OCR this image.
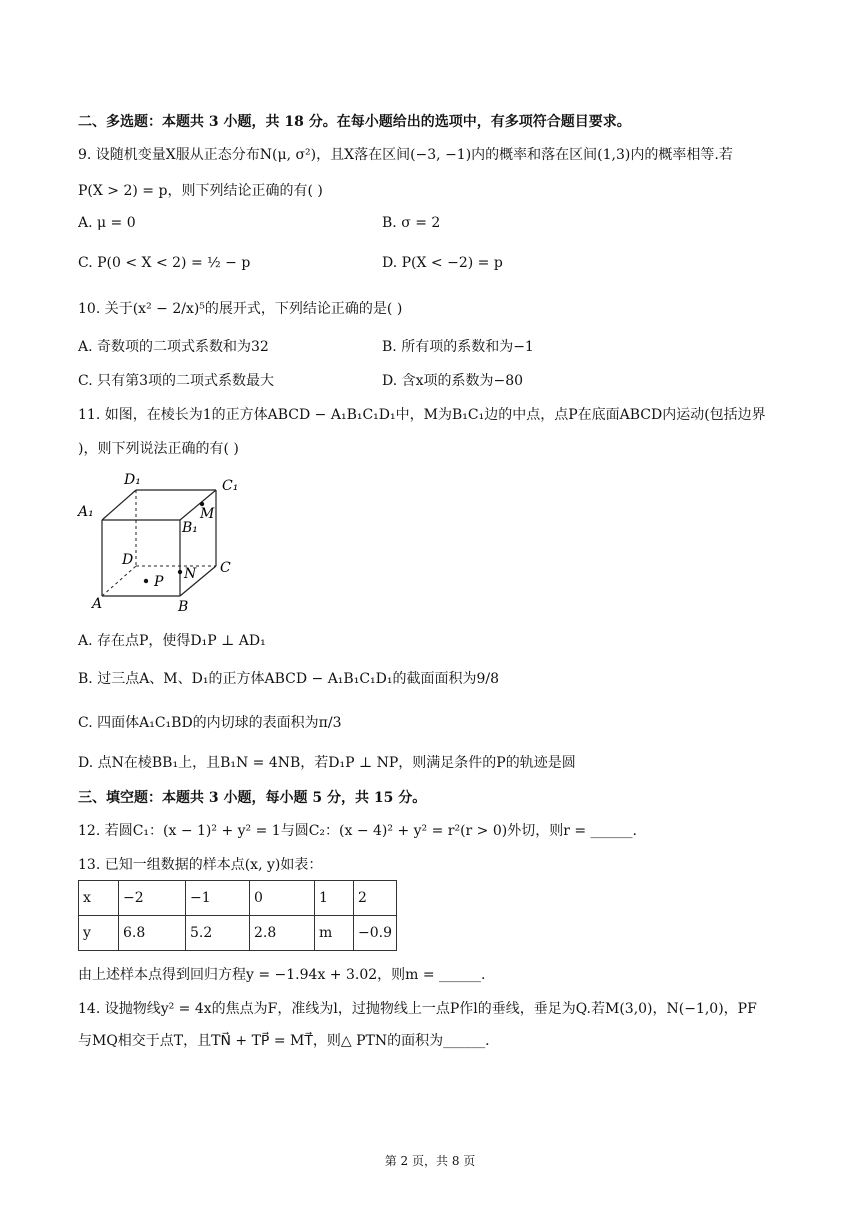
二、多选题：本题共 3 小题，共 18 分。在每小题给出的选项中，有多项符合题目要求。
9. 设随机变量X服从正态分布N(μ, σ²)，且X落在区间(−3, −1)内的概率和落在区间(1,3)内的概率相等.若
P(X > 2) = p，则下列结论正确的有( )
A. μ = 0	B. σ = 2
C. P(0 < X < 2) = ½ − p	D. P(X < −2) = p
10. 关于(x² − 2/x)⁵的展开式，下列结论正确的是( )
A. 奇数项的二项式系数和为32	B. 所有项的系数和为−1
C. 只有第3项的二项式系数最大	D. 含x项的系数为−80
11. 如图，在棱长为1的正方体ABCD − A₁B₁C₁D₁中，M为B₁C₁边的中点，点P在底面ABCD内运动(包括边界
)，则下列说法正确的有( )
D₁	C₁
A₁	M
B₁
D	C
N
P
A	B
A. 存在点P，使得D₁P ⊥ AD₁
B. 过三点A、M、D₁的正方体ABCD − A₁B₁C₁D₁的截面面积为9/8
C. 四面体A₁C₁BD的内切球的表面积为π/3
D. 点N在棱BB₁上，且B₁N = 4NB，若D₁P ⊥ NP，则满足条件的P的轨迹是圆
三、填空题：本题共 3 小题，每小题 5 分，共 15 分。
12. 若圆C₁：(x − 1)² + y² = 1与圆C₂：(x − 4)² + y² = r²(r > 0)外切，则r = ______.
13. 已知一组数据的样本点(x, y)如表：
x	−2	−1	0	1	2
y	6.8	5.2	2.8	m	−0.9
由上述样本点得到回归方程y = −1.94x + 3.02，则m = ______.
14. 设抛物线y² = 4x的焦点为F，准线为l，过抛物线上一点P作l的垂线，垂足为Q.若M(3,0)，N(−1,0)，PF
与MQ相交于点T，且TN⃗ + TP⃗ = MT⃗，则△ PTN的面积为______.
第 2 页，共 8 页
